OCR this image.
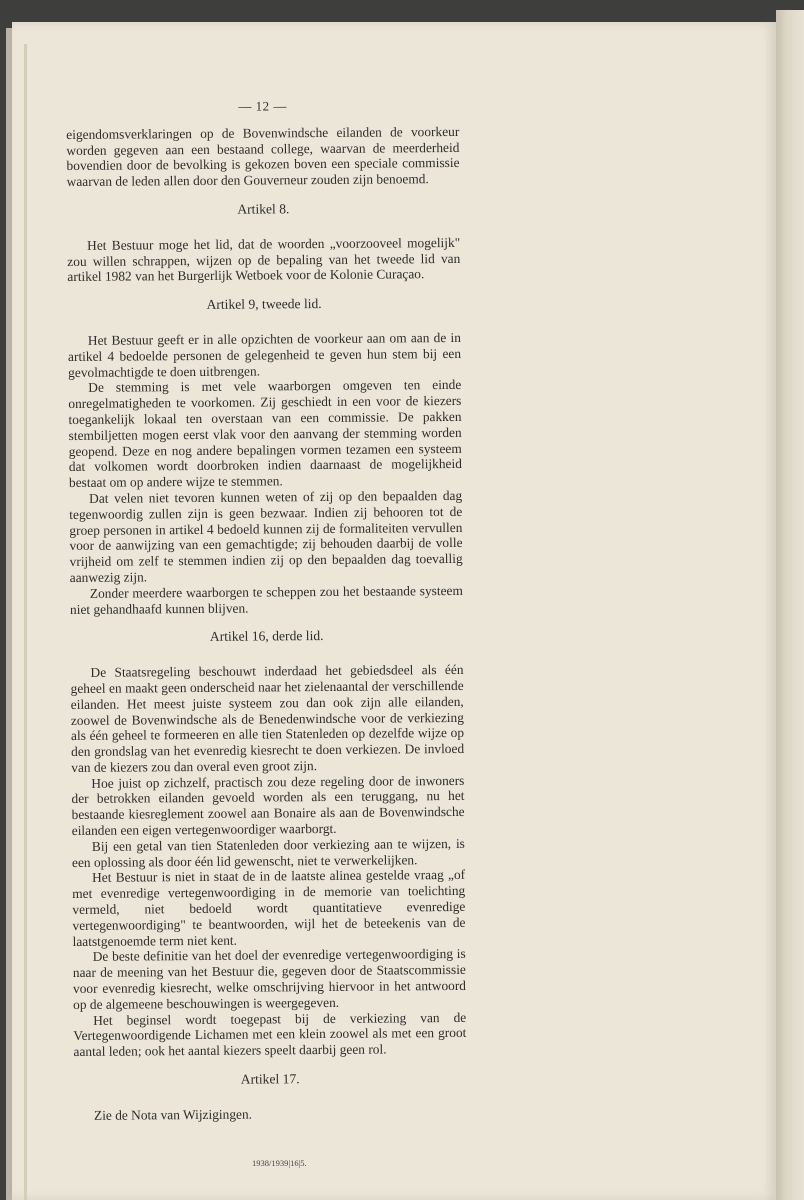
— 12 —

eigendomsverklaringen op de Bovenwindsche eilanden de voorkeur worden gegeven aan een bestaand college, waarvan de meerderheid bovendien door de bevolking is gekozen boven een speciale commissie waarvan de leden allen door den Gouverneur zouden zijn benoemd.

Artikel 8.

Het Bestuur moge het lid, dat de woorden „voorzooveel mogelijk" zou willen schrappen, wijzen op de bepaling van het tweede lid van artikel 1982 van het Burgerlijk Wetboek voor de Kolonie Curaçao.

Artikel 9, tweede lid.

Het Bestuur geeft er in alle opzichten de voorkeur aan om aan de in artikel 4 bedoelde personen de gelegenheid te geven hun stem bij een gevolmachtigde te doen uitbrengen.

De stemming is met vele waarborgen omgeven ten einde onregelmatigheden te voorkomen. Zij geschiedt in een voor de kiezers toegankelijk lokaal ten overstaan van een commissie. De pakken stembiljetten mogen eerst vlak voor den aanvang der stemming worden geopend. Deze en nog andere bepalingen vormen tezamen een systeem dat volkomen wordt doorbroken indien daarnaast de mogelijkheid bestaat om op andere wijze te stemmen.

Dat velen niet tevoren kunnen weten of zij op den bepaalden dag tegenwoordig zullen zijn is geen bezwaar. Indien zij behooren tot de groep personen in artikel 4 bedoeld kunnen zij de formaliteiten vervullen voor de aanwijzing van een gemachtigde; zij behouden daarbij de volle vrijheid om zelf te stemmen indien zij op den bepaalden dag toevallig aanwezig zijn.

Zonder meerdere waarborgen te scheppen zou het bestaande systeem niet gehandhaafd kunnen blijven.

Artikel 16, derde lid.

De Staatsregeling beschouwt inderdaad het gebiedsdeel als één geheel en maakt geen onderscheid naar het zielenaantal der verschillende eilanden. Het meest juiste systeem zou dan ook zijn alle eilanden, zoowel de Bovenwindsche als de Benedenwindsche voor de verkiezing als één geheel te formeeren en alle tien Statenleden op dezelfde wijze op den grondslag van het evenredig kiesrecht te doen verkiezen. De invloed van de kiezers zou dan overal even groot zijn.

Hoe juist op zichzelf, practisch zou deze regeling door de inwoners der betrokken eilanden gevoeld worden als een teruggang, nu het bestaande kiesreglement zoowel aan Bonaire als aan de Bovenwindsche eilanden een eigen vertegenwoordiger waarborgt.

Bij een getal van tien Statenleden door verkiezing aan te wijzen, is een oplossing als door één lid gewenscht, niet te verwerkelijken.

Het Bestuur is niet in staat de in de laatste alinea gestelde vraag „of met evenredige vertegenwoordiging in de memorie van toelichting vermeld, niet bedoeld wordt quantitatieve evenredige vertegenwoordiging" te beantwoorden, wijl het de beteekenis van de laatstgenoemde term niet kent.

De beste definitie van het doel der evenredige vertegenwoordiging is naar de meening van het Bestuur die, gegeven door de Staatscommissie voor evenredig kiesrecht, welke omschrijving hiervoor in het antwoord op de algemeene beschouwingen is weergegeven.

Het beginsel wordt toegepast bij de verkiezing van de Vertegenwoordigende Lichamen met een klein zoowel als met een groot aantal leden; ook het aantal kiezers speelt daarbij geen rol.

Artikel 17.

Zie de Nota van Wijzigingen.

1938/1939|16|5.
